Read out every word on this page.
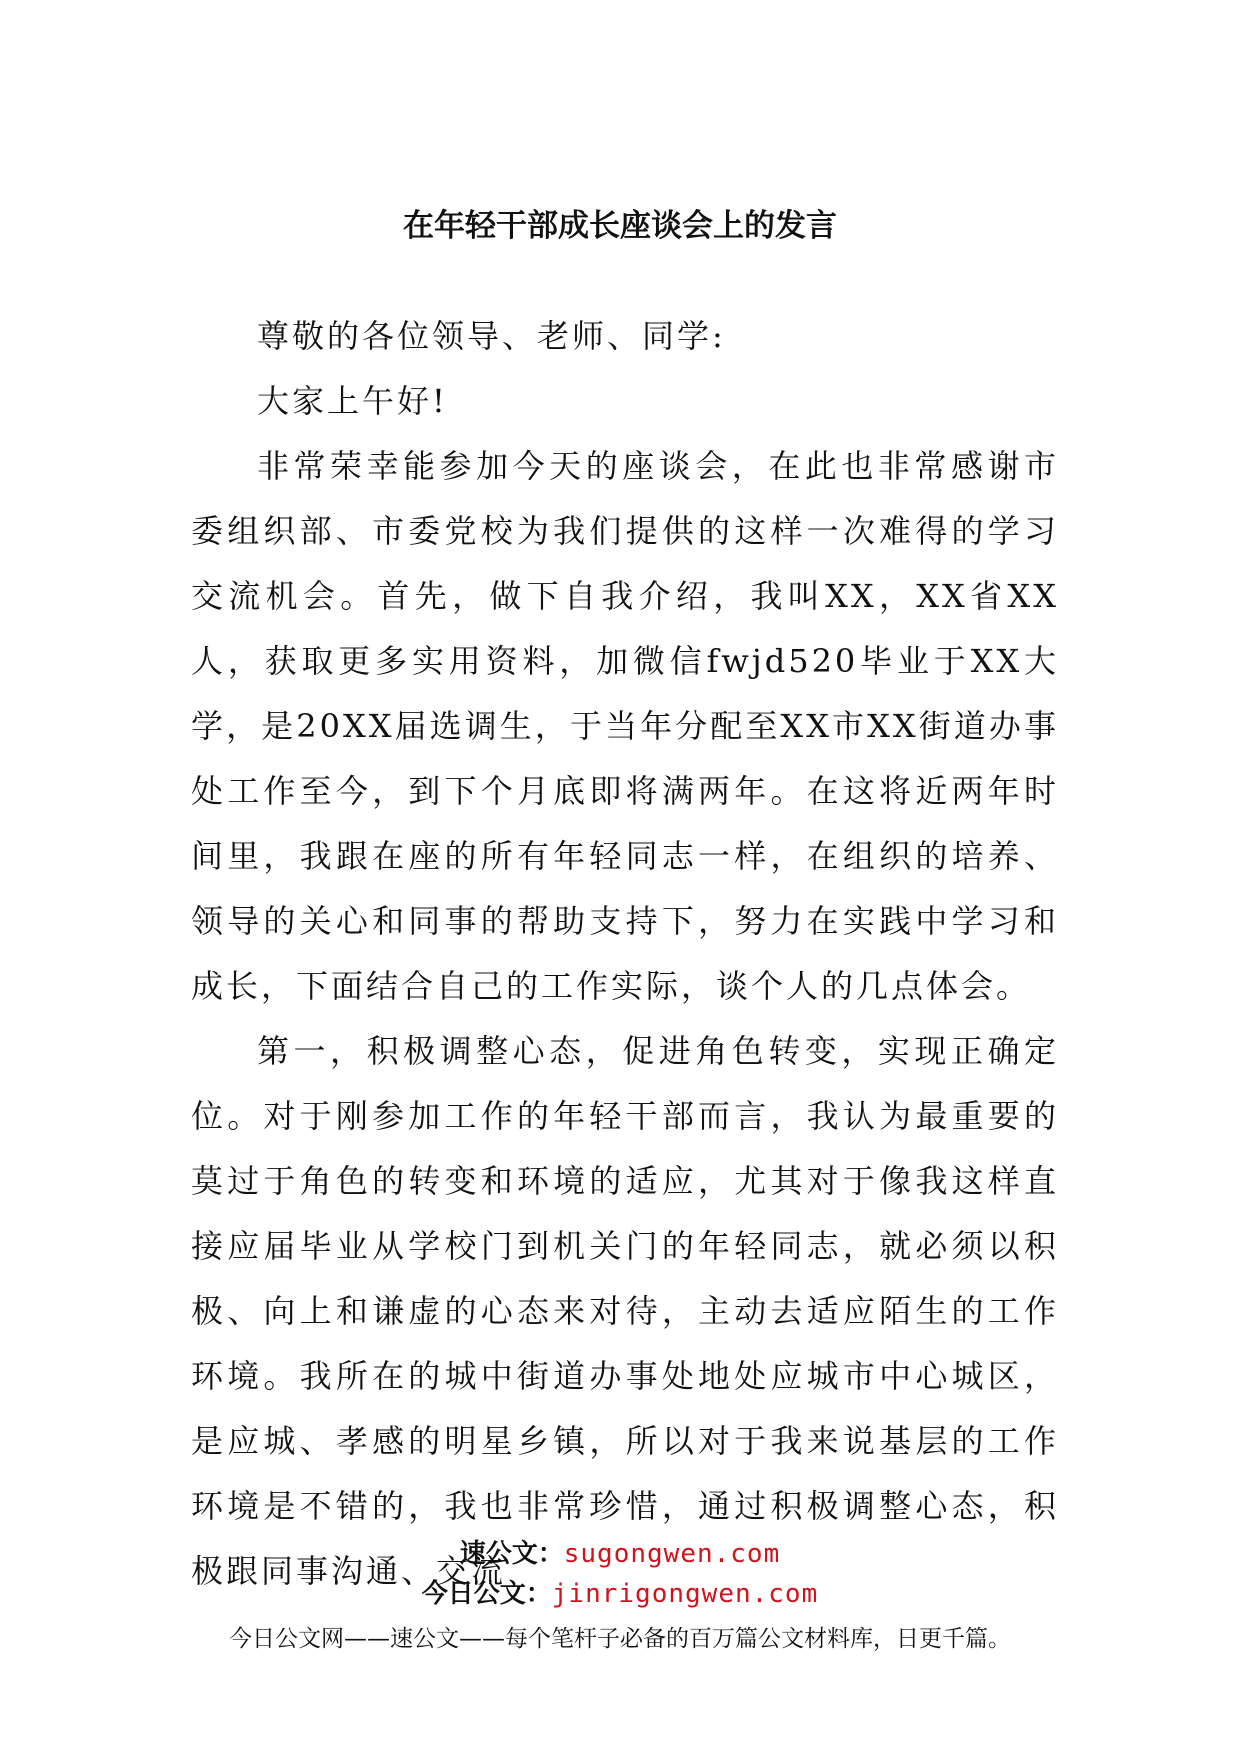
在年轻干部成长座谈会上的发言

尊敬的各位领导、老师、同学:

大家上午好!

非常荣幸能参加今天的座谈会，在此也非常感谢市委组织部、市委党校为我们提供的这样一次难得的学习交流机会。首先，做下自我介绍，我叫XX，XX省XX人，获取更多实用资料，加微信fwjd520毕业于XX大学，是20XX届选调生，于当年分配至XX市XX街道办事处工作至今，到下个月底即将满两年。在这将近两年时间里，我跟在座的所有年轻同志一样，在组织的培养、领导的关心和同事的帮助支持下，努力在实践中学习和成长，下面结合自己的工作实际，谈个人的几点体会。

第一，积极调整心态，促进角色转变，实现正确定位。对于刚参加工作的年轻干部而言，我认为最重要的莫过于角色的转变和环境的适应，尤其对于像我这样直接应届毕业从学校门到机关门的年轻同志，就必须以积极、向上和谦虚的心态来对待，主动去适应陌生的工作环境。我所在的城中街道办事处地处应城市中心城区，是应城、孝感的明星乡镇，所以对于我来说基层的工作环境是不错的，我也非常珍惜，通过积极调整心态，积极跟同事沟通、交流

速公文：sugongwen.com
今日公文：jinrigongwen.com
今日公文网——速公文——每个笔杆子必备的百万篇公文材料库，日更千篇。
